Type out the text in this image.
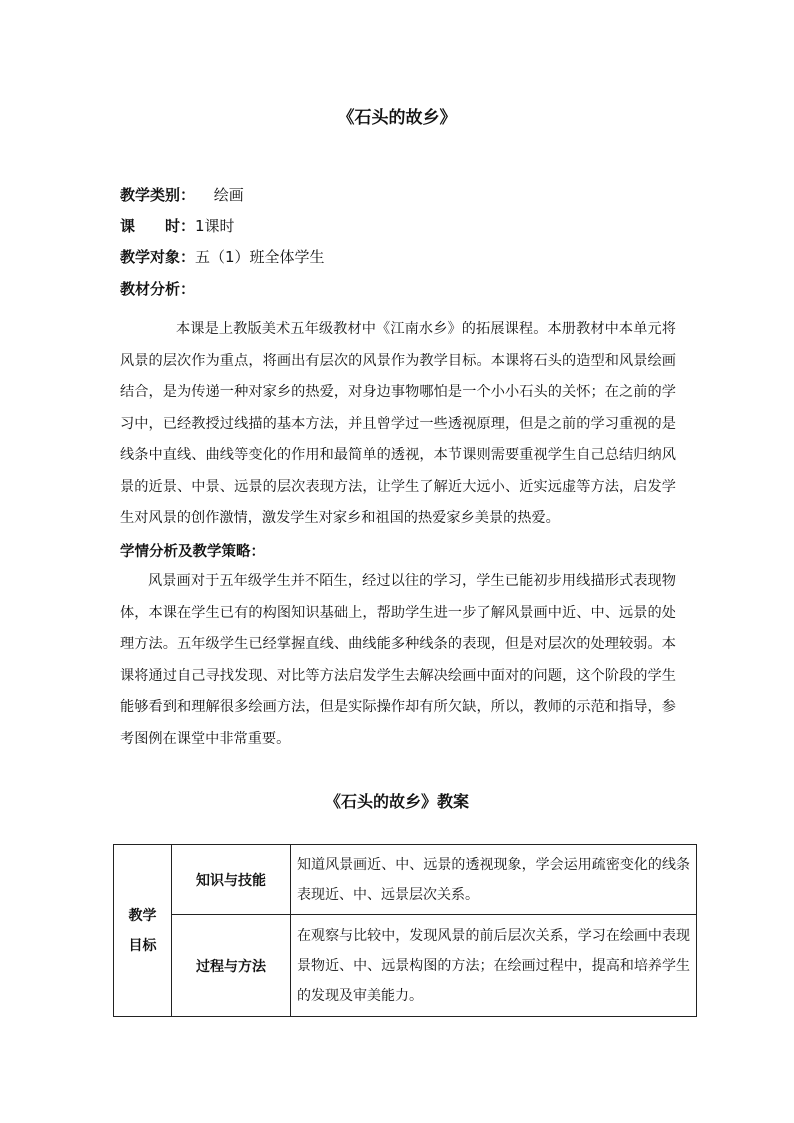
《石头的故乡》
教学类别： 绘画
课　　时：1课时
教学对象：五（1）班全体学生
教材分析：
本课是上教版美术五年级教材中《江南水乡》的拓展课程。本册教材中本单元将风景的层次作为重点，将画出有层次的风景作为教学目标。本课将石头的造型和风景绘画结合，是为传递一种对家乡的热爱，对身边事物哪怕是一个小小石头的关怀；在之前的学习中，已经教授过线描的基本方法，并且曾学过一些透视原理，但是之前的学习重视的是线条中直线、曲线等变化的作用和最简单的透视，本节课则需要重视学生自己总结归纳风景的近景、中景、远景的层次表现方法，让学生了解近大远小、近实远虚等方法，启发学生对风景的创作激情，激发学生对家乡和祖国的热爱家乡美景的热爱。
学情分析及教学策略：
风景画对于五年级学生并不陌生，经过以往的学习，学生已能初步用线描形式表现物体，本课在学生已有的构图知识基础上，帮助学生进一步了解风景画中近、中、远景的处理方法。五年级学生已经掌握直线、曲线能多种线条的表现，但是对层次的处理较弱。本课将通过自己寻找发现、对比等方法启发学生去解决绘画中面对的问题，这个阶段的学生能够看到和理解很多绘画方法，但是实际操作却有所欠缺，所以，教师的示范和指导，参考图例在课堂中非常重要。
《石头的故乡》教案
教学
目标	知识与技能	知道风景画近、中、远景的透视现象，学会运用疏密变化的线条表现近、中、远景层次关系。
	过程与方法	在观察与比较中，发现风景的前后层次关系，学习在绘画中表现景物近、中、远景构图的方法；在绘画过程中，提高和培养学生的发现及审美能力。
